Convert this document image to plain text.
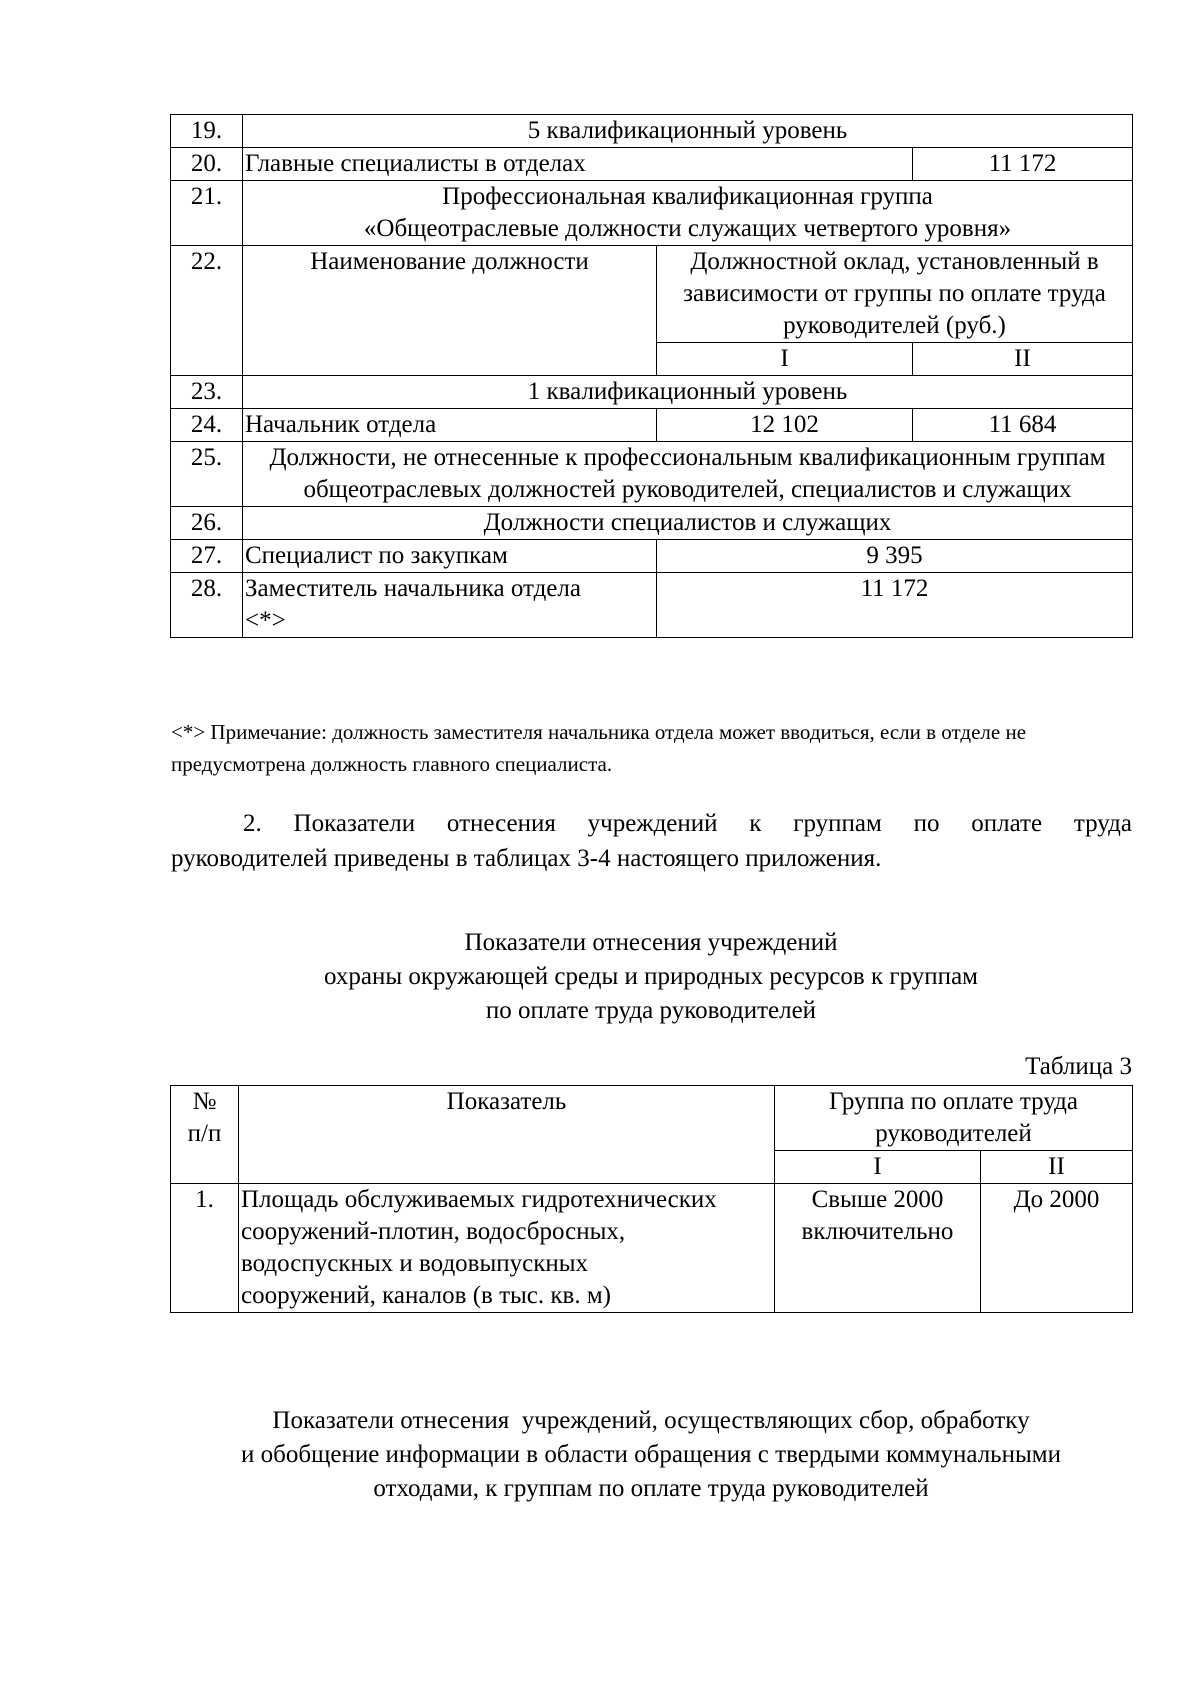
19.	5 квалификационный уровень		
20.	Главные специалисты в отделах		11 172
21.	Профессиональная квалификационная группа
«Общеотраслевые должности служащих четвертого уровня»		

22.	Наименование должности	Должностной оклад, установленный в зависимости от группы по оплате труда руководителей (руб.)	
		I	II
23.	1 квалификационный уровень		
24.	Начальник отдела	12 102	11 684
25.	Должности, не отнесенные к профессиональным квалификационным группам общеотраслевых должностей руководителей, специалистов и служащих		
26.	Должности специалистов и служащих		
27.	Специалист по закупкам	9 395	
28.	Заместитель начальника отдела <*>	11 172	
<*> Примечание: должность заместителя начальника отдела может вводиться, если в отделе не предусмотрена должность главного специалиста.
2. Показатели отнесения учреждений к группам по оплате труда
руководителей приведены в таблицах 3-4 настоящего приложения.
Показатели отнесения учреждений
охраны окружающей среды и природных ресурсов к группам
по оплате труда руководителей
Таблица 3
№ п/п	Показатель	Группа по оплате труда руководителей	
		I	II
1.	Площадь обслуживаемых гидротехнических сооружений-плотин, водосбросных, водоспускных и водовыпускных сооружений, каналов (в тыс. кв. м)	Свыше 2000 включительно	До 2000
Показатели отнесения  учреждений, осуществляющих сбор, обработку
и обобщение информации в области обращения с твердыми коммунальными
отходами, к группам по оплате труда руководителей
